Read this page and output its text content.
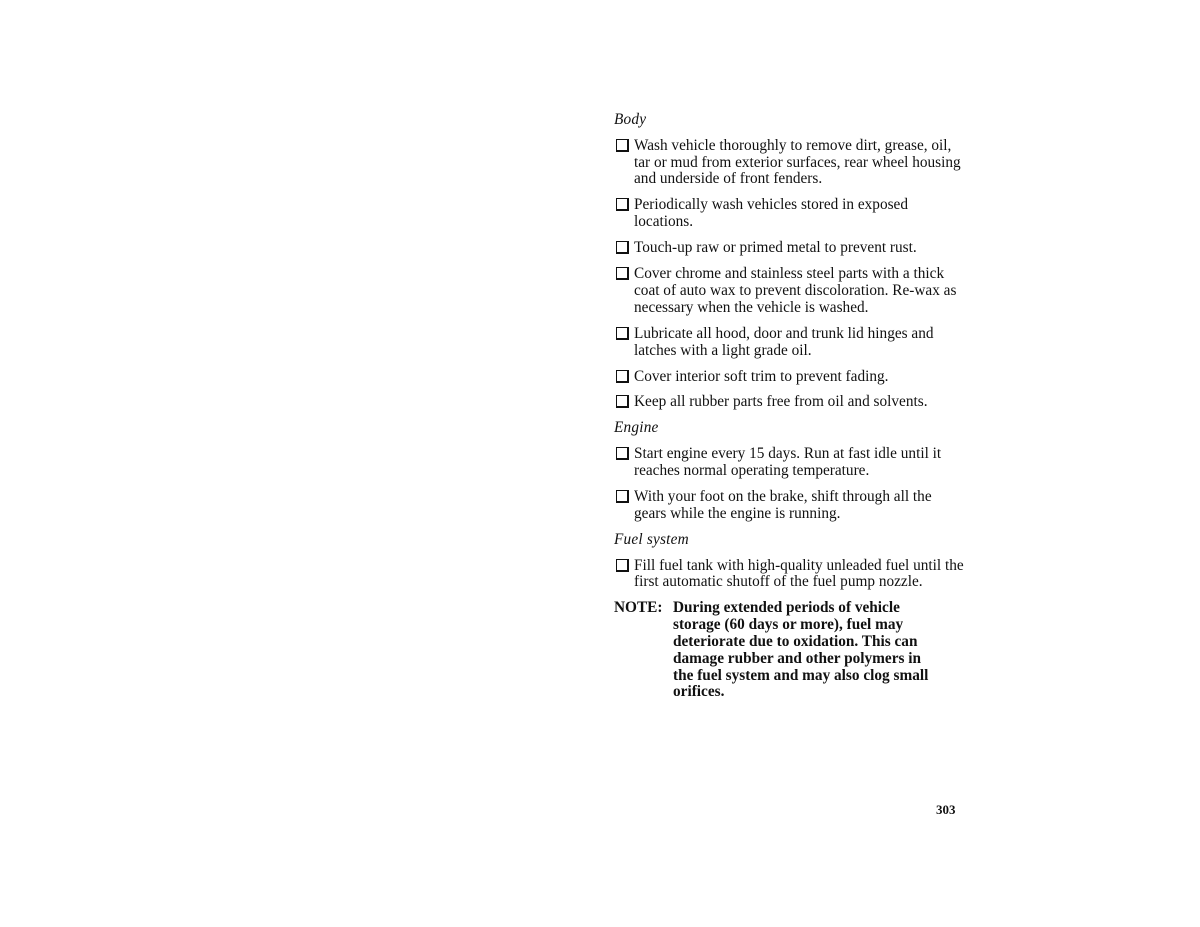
Body
Wash vehicle thoroughly to remove dirt, grease, oil, tar or mud from exterior surfaces, rear wheel housing and underside of front fenders.
Periodically wash vehicles stored in exposed locations.
Touch-up raw or primed metal to prevent rust.
Cover chrome and stainless steel parts with a thick coat of auto wax to prevent discoloration. Re-wax as necessary when the vehicle is washed.
Lubricate all hood, door and trunk lid hinges and latches with a light grade oil.
Cover interior soft trim to prevent fading.
Keep all rubber parts free from oil and solvents.
Engine
Start engine every 15 days. Run at fast idle until it reaches normal operating temperature.
With your foot on the brake, shift through all the gears while the engine is running.
Fuel system
Fill fuel tank with high-quality unleaded fuel until the first automatic shutoff of the fuel pump nozzle.
NOTE: During extended periods of vehicle storage (60 days or more), fuel may deteriorate due to oxidation. This can damage rubber and other polymers in the fuel system and may also clog small orifices.
303
